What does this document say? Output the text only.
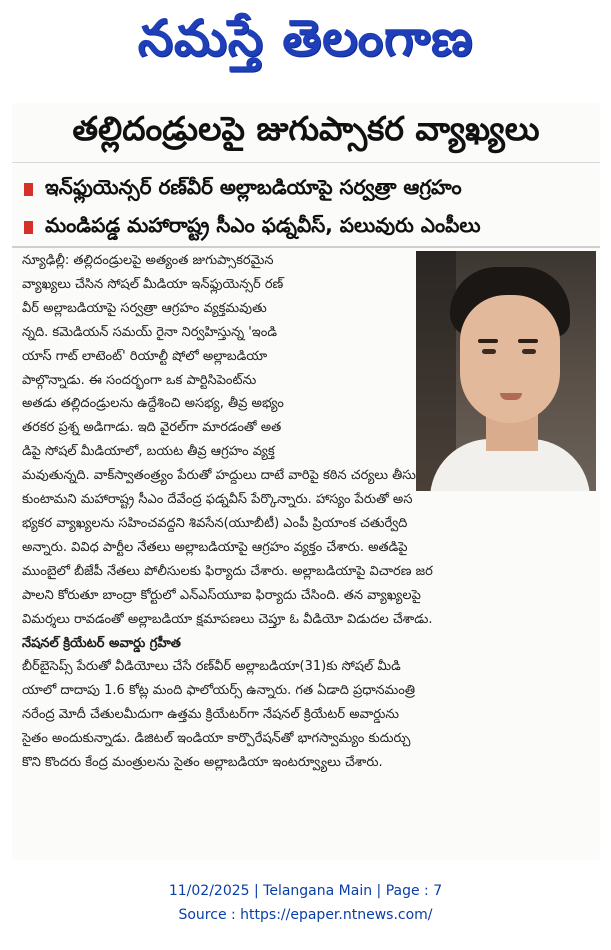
నమస్తే తెలంగాణ
తల్లిదండ్రులపై జుగుప్సాకర వ్యాఖ్యలు
ఇన్‌ఫ్లుయెన్సర్ రణ్‌వీర్ అల్లాబడియాపై సర్వత్రా ఆగ్రహం
మండిపడ్డ మహారాష్ట్ర సీఎం ఫడ్నవీస్, పలువురు ఎంపీలు
న్యూఢిల్లీ: తల్లిదండ్రులపై అత్యంత జుగుప్సాకరమైన
వ్యాఖ్యలు చేసిన సోషల్ మీడియా ఇన్‌ఫ్లుయెన్సర్ రణ్
వీర్ అల్లాబడియాపై సర్వత్రా ఆగ్రహం వ్యక్తమవుతు
న్నది. కమెడియన్ సమయ్ రైనా నిర్వహిస్తున్న 'ఇండి
యాస్ గాట్ లాటెంట్' రియాల్టీ షోలో అల్లాబడియా
పాల్గొన్నాడు. ఈ సందర్భంగా ఒక పార్టిసిపెంట్‌ను
అతడు తల్లిదండ్రులను ఉద్దేశించి అసభ్య, తీవ్ర అభ్యం
తరకర ప్రశ్న అడిగాడు. ఇది వైరల్‌గా మారడంతో అత
డిపై సోషల్ మీడియాలో, బయట తీవ్ర ఆగ్రహం వ్యక్త
మవుతున్నది. వాక్‌స్వాతంత్ర్యం పేరుతో హద్దులు దాటే వారిపై కఠిన చర్యలు తీసు
కుంటామని మహారాష్ట్ర సీఎం దేవేంద్ర ఫడ్నవీస్ పేర్కొన్నారు. హాస్యం పేరుతో అస
భ్యకర వ్యాఖ్యలను సహించవద్దని శివసేన(యూబీటీ) ఎంపీ ప్రియాంక చతుర్వేది
అన్నారు. వివిధ పార్టీల నేతలు అల్లాబడియాపై ఆగ్రహం వ్యక్తం చేశారు. అతడిపై
ముంబైలో బీజేపీ నేతలు పోలీసులకు ఫిర్యాదు చేశారు. అల్లాబడియాపై విచారణ జర
పాలని కోరుతూ బాంద్రా కోర్టులో ఎన్‌ఎస్‌యూఐ ఫిర్యాదు చేసింది. తన వ్యాఖ్యలపై
విమర్శలు రావడంతో అల్లాబడియా క్షమాపణలు చెప్తూ ఓ వీడియో విడుదల చేశాడు.
నేషనల్ క్రియేటర్ అవార్డు గ్రహీత
బీర్‌బైసెప్స్ పేరుతో వీడియోలు చేసే రణ్‌వీర్ అల్లాబడియా(31)కు సోషల్ మీడి
యాలో దాదాపు 1.6 కోట్ల మంది ఫాలోయర్స్ ఉన్నారు. గత ఏడాది ప్రధానమంత్రి
నరేంద్ర మోదీ చేతులమీదుగా ఉత్తమ క్రియేటర్‌గా నేషనల్ క్రియేటర్ అవార్డును
సైతం అందుకున్నాడు. డిజిటల్ ఇండియా కార్పొరేషన్‌తో భాగస్వామ్యం కుదుర్చు
కొని కొందరు కేంద్ర మంత్రులను సైతం అల్లాబడియా ఇంటర్వ్యూలు చేశారు.
11/02/2025 | Telangana Main | Page : 7
Source : https://epaper.ntnews.com/
